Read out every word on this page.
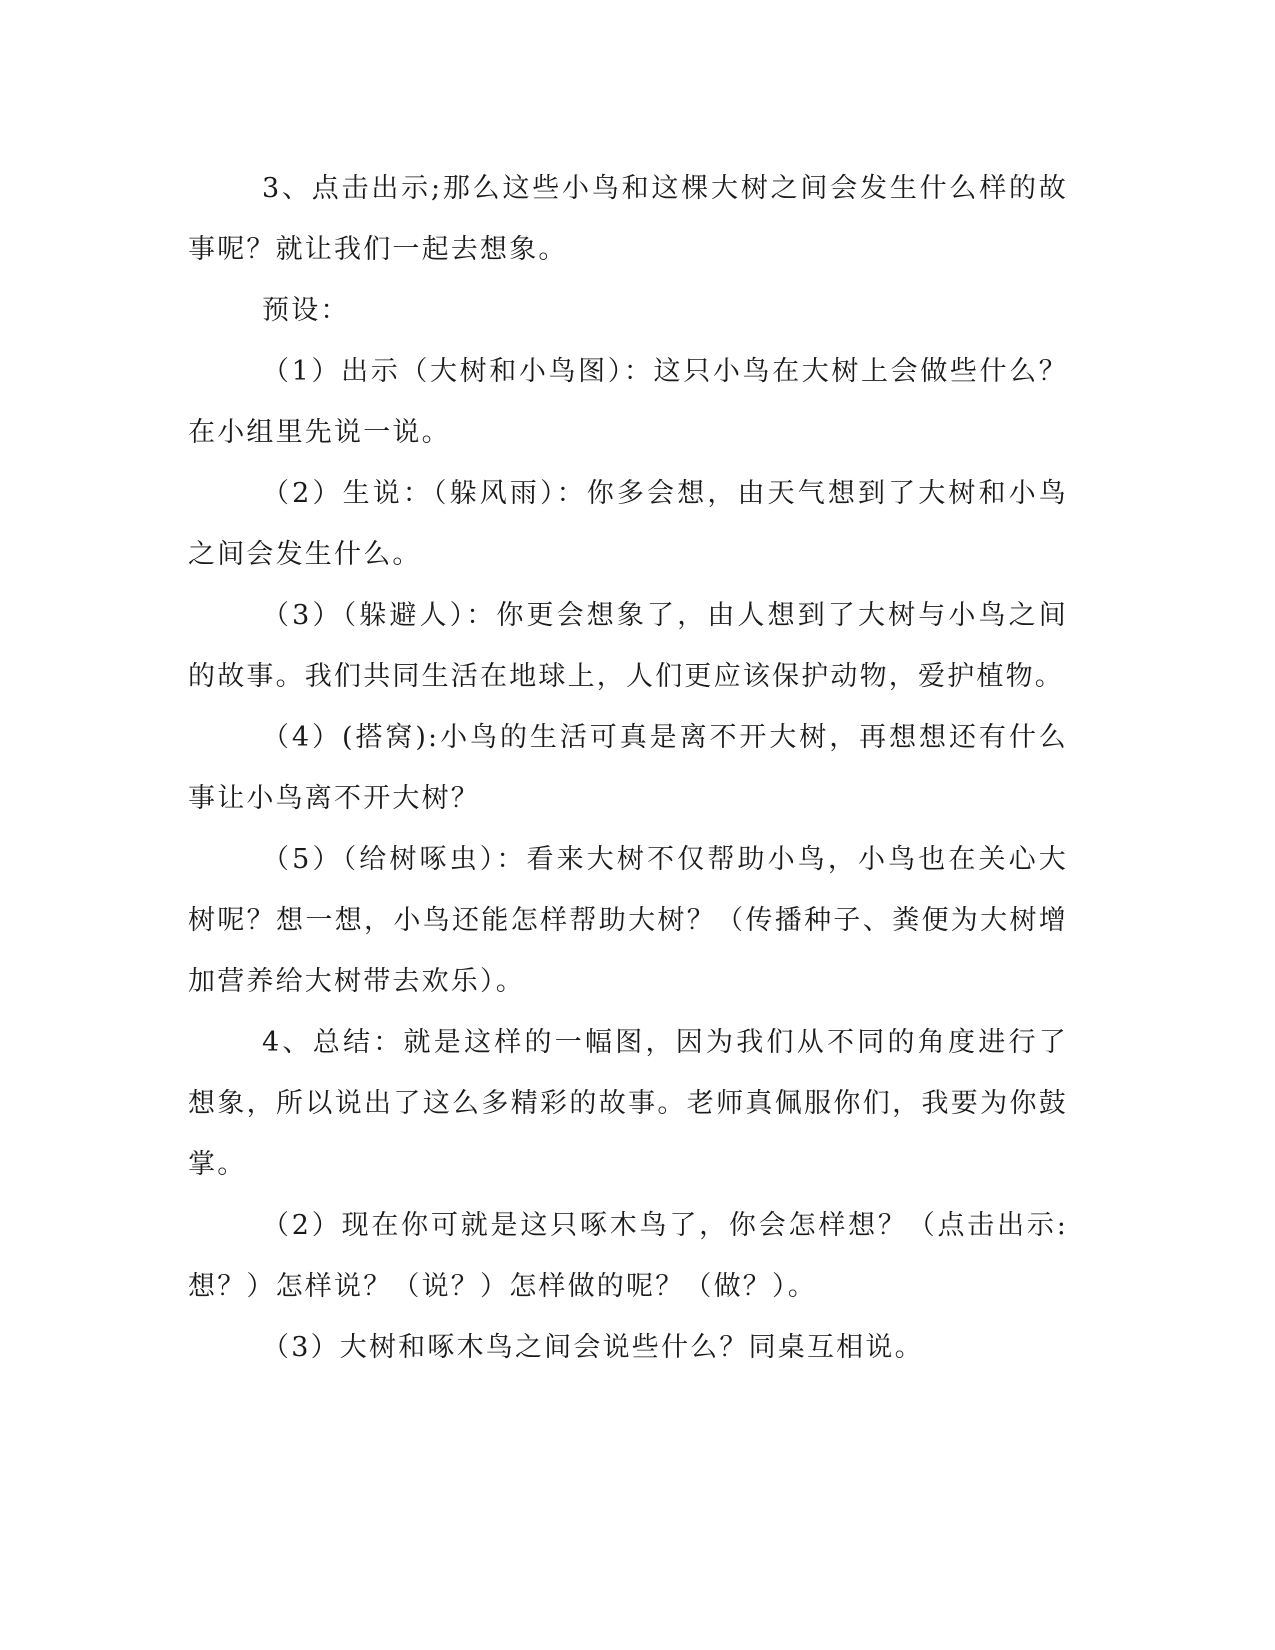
3、点击出示;那么这些小鸟和这棵大树之间会发生什么样的故事呢？就让我们一起去想象。

预设：

（1）出示（大树和小鸟图）：这只小鸟在大树上会做些什么？在小组里先说一说。

（2）生说：（躲风雨）：你多会想，由天气想到了大树和小鸟之间会发生什么。

（3）（躲避人）：你更会想象了，由人想到了大树与小鸟之间的故事。我们共同生活在地球上，人们更应该保护动物，爱护植物。

（4）(搭窝):小鸟的生活可真是离不开大树，再想想还有什么事让小鸟离不开大树？

（5）（给树啄虫）：看来大树不仅帮助小鸟，小鸟也在关心大树呢？想一想，小鸟还能怎样帮助大树？（传播种子、粪便为大树增加营养给大树带去欢乐）。

4、总结：就是这样的一幅图，因为我们从不同的角度进行了想象，所以说出了这么多精彩的故事。老师真佩服你们，我要为你鼓掌。

（2）现在你可就是这只啄木鸟了，你会怎样想？（点击出示:想？）怎样说？（说？）怎样做的呢？（做？）。

（3）大树和啄木鸟之间会说些什么？同桌互相说。
